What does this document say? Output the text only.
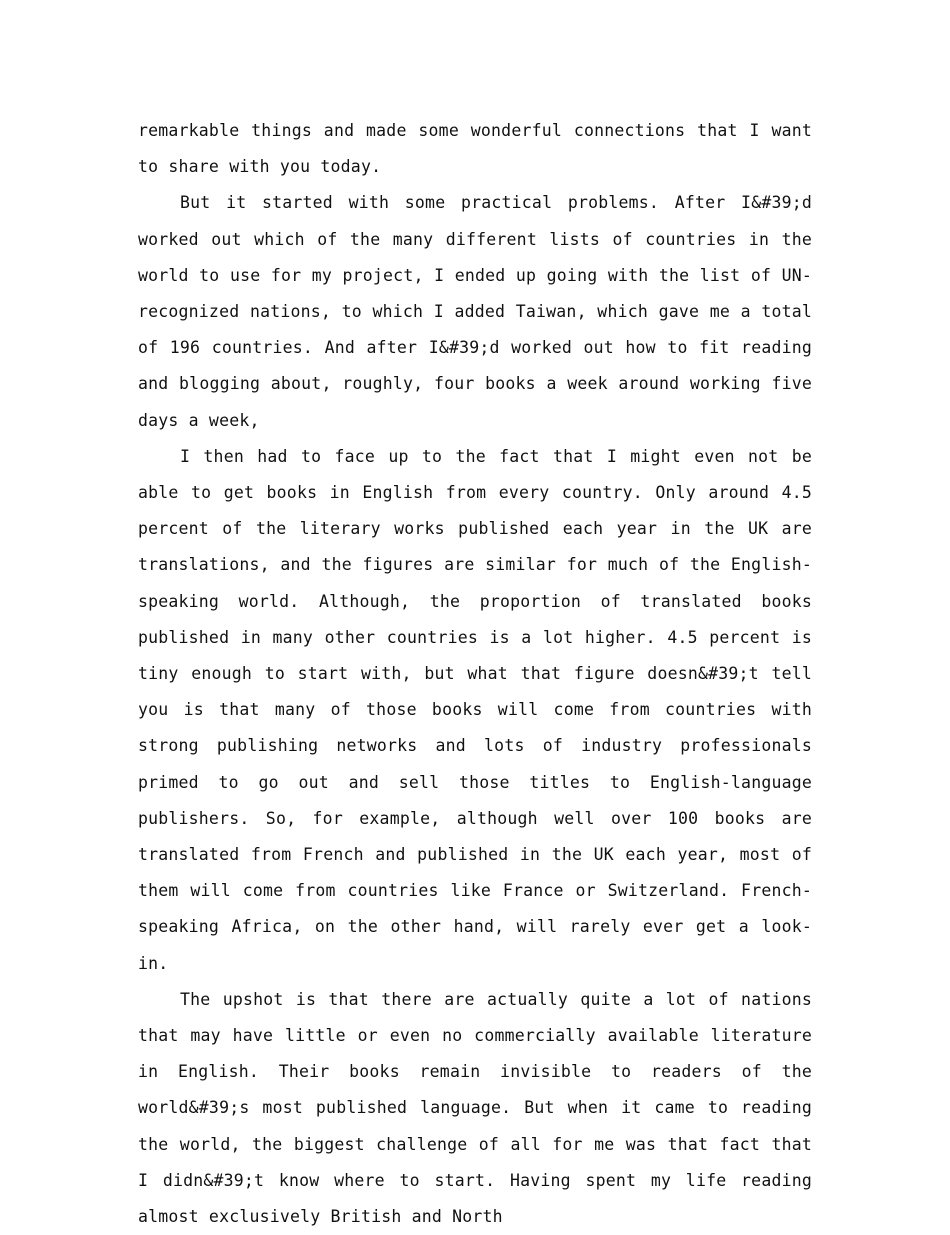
remarkable things and made some wonderful connections that I want to share with you today.

But it started with some practical problems. After I&#39;d worked out which of the many different lists of countries in the world to use for my project, I ended up going with the list of UN-recognized nations, to which I added Taiwan, which gave me a total of 196 countries. And after I&#39;d worked out how to fit reading and blogging about, roughly, four books a week around working five days a week,

I then had to face up to the fact that I might even not be able to get books in English from every country. Only around 4.5 percent of the literary works published each year in the UK are translations, and the figures are similar for much of the English-speaking world. Although, the proportion of translated books published in many other countries is a lot higher. 4.5 percent is tiny enough to start with, but what that figure doesn&#39;t tell you is that many of those books will come from countries with strong publishing networks and lots of industry professionals primed to go out and sell those titles to English-language publishers. So, for example, although well over 100 books are translated from French and published in the UK each year, most of them will come from countries like France or Switzerland. French-speaking Africa, on the other hand, will rarely ever get a look-in.

The upshot is that there are actually quite a lot of nations that may have little or even no commercially available literature in English. Their books remain invisible to readers of the world&#39;s most published language. But when it came to reading the world, the biggest challenge of all for me was that fact that I didn&#39;t know where to start. Having spent my life reading almost exclusively British and North
